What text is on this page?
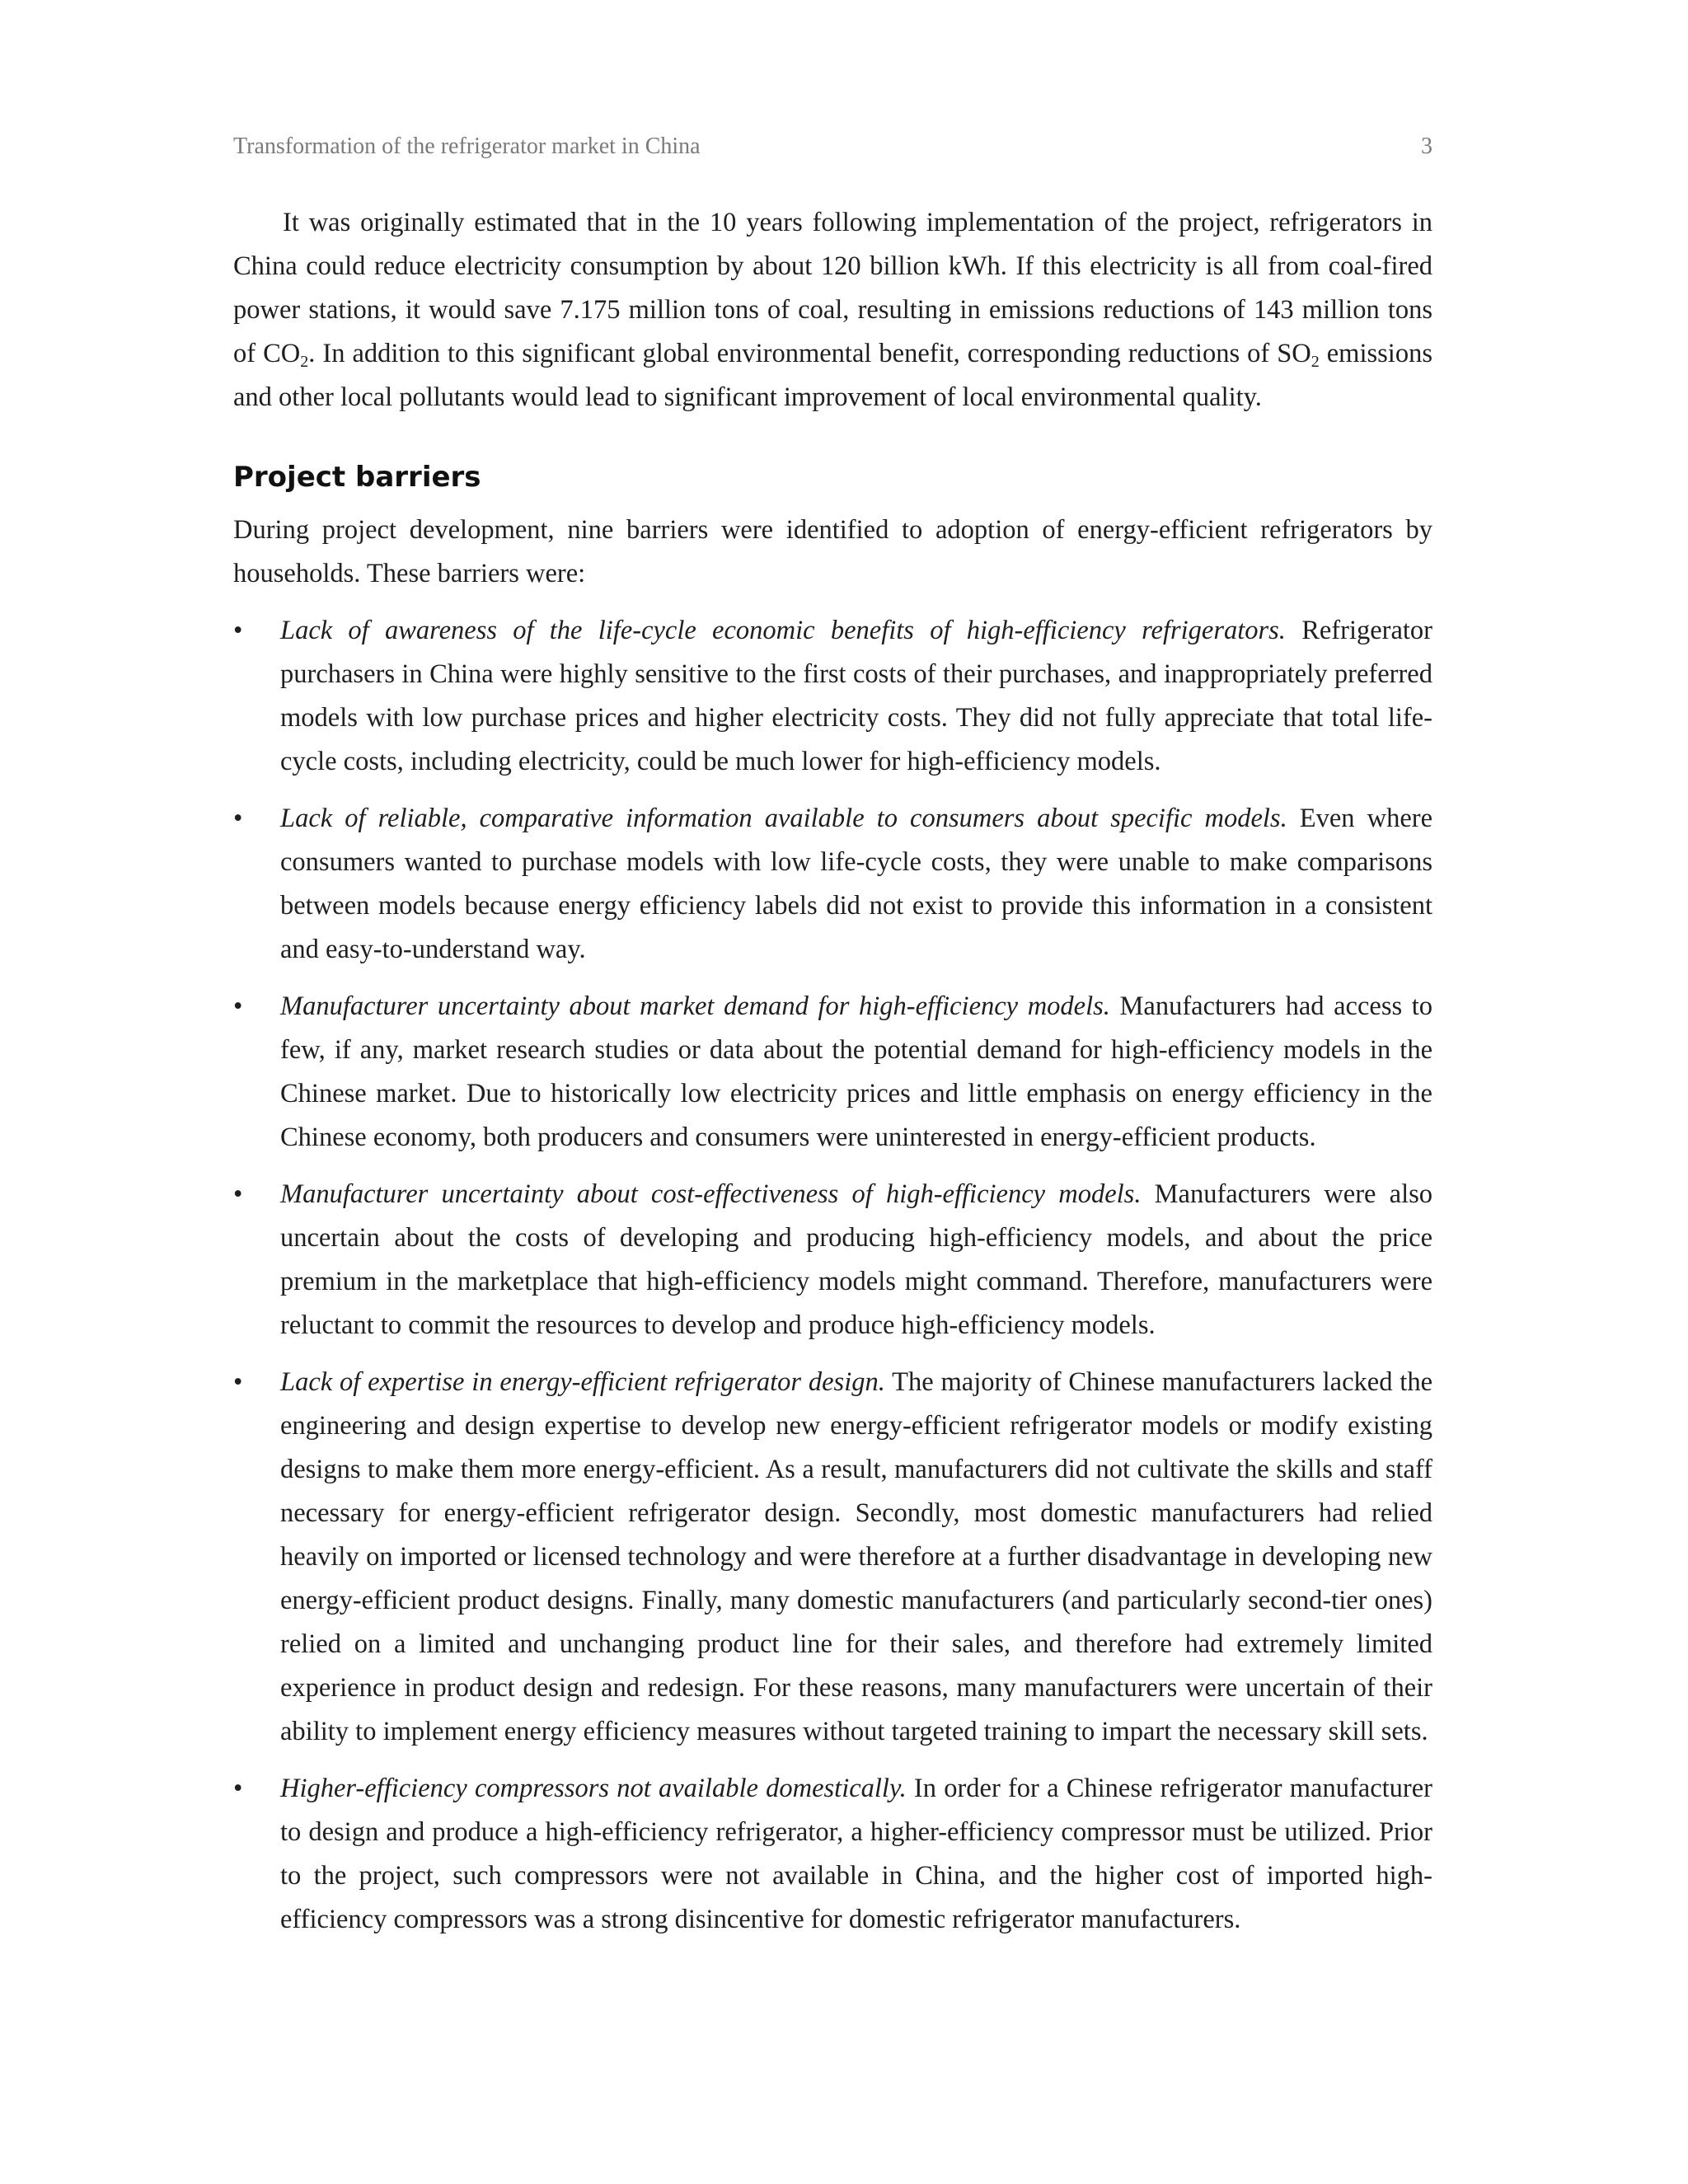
Transformation of the refrigerator market in China	3

It was originally estimated that in the 10 years following implementation of the project, refrigerators in China could reduce electricity consumption by about 120 billion kWh. If this electricity is all from coal-fired power stations, it would save 7.175 million tons of coal, resulting in emissions reductions of 143 million tons of $CO_2$. In addition to this significant global environmental benefit, corresponding reductions of $SO_2$ emissions and other local pollutants would lead to significant improvement of local environmental quality.

Project barriers

During project development, nine barriers were identified to adoption of energy-efficient refrigerators by households. These barriers were:

• Lack of awareness of the life-cycle economic benefits of high-efficiency refrigerators. Refrigerator purchasers in China were highly sensitive to the first costs of their purchases, and inappropriately preferred models with low purchase prices and higher electricity costs. They did not fully appreciate that total life-cycle costs, including electricity, could be much lower for high-efficiency models.
• Lack of reliable, comparative information available to consumers about specific models. Even where consumers wanted to purchase models with low life-cycle costs, they were unable to make comparisons between models because energy efficiency labels did not exist to provide this information in a consistent and easy-to-understand way.
• Manufacturer uncertainty about market demand for high-efficiency models. Manufacturers had access to few, if any, market research studies or data about the potential demand for high-efficiency models in the Chinese market. Due to historically low electricity prices and little emphasis on energy efficiency in the Chinese economy, both producers and consumers were uninterested in energy-efficient products.
• Manufacturer uncertainty about cost-effectiveness of high-efficiency models. Manufacturers were also uncertain about the costs of developing and producing high-efficiency models, and about the price premium in the marketplace that high-efficiency models might command. Therefore, manufacturers were reluctant to commit the resources to develop and produce high-efficiency models.
• Lack of expertise in energy-efficient refrigerator design. The majority of Chinese manufacturers lacked the engineering and design expertise to develop new energy-efficient refrigerator models or modify existing designs to make them more energy-efficient. As a result, manufacturers did not cultivate the skills and staff necessary for energy-efficient refrigerator design. Secondly, most domestic manufacturers had relied heavily on imported or licensed technology and were therefore at a further disadvantage in developing new energy-efficient product designs. Finally, many domestic manufacturers (and particularly second-tier ones) relied on a limited and unchanging product line for their sales, and therefore had extremely limited experience in product design and redesign. For these reasons, many manufacturers were uncertain of their ability to implement energy efficiency measures without targeted training to impart the necessary skill sets.
• Higher-efficiency compressors not available domestically. In order for a Chinese refrigerator manufacturer to design and produce a high-efficiency refrigerator, a higher-efficiency compressor must be utilized. Prior to the project, such compressors were not available in China, and the higher cost of imported high-efficiency compressors was a strong disincentive for domestic refrigerator manufacturers.
